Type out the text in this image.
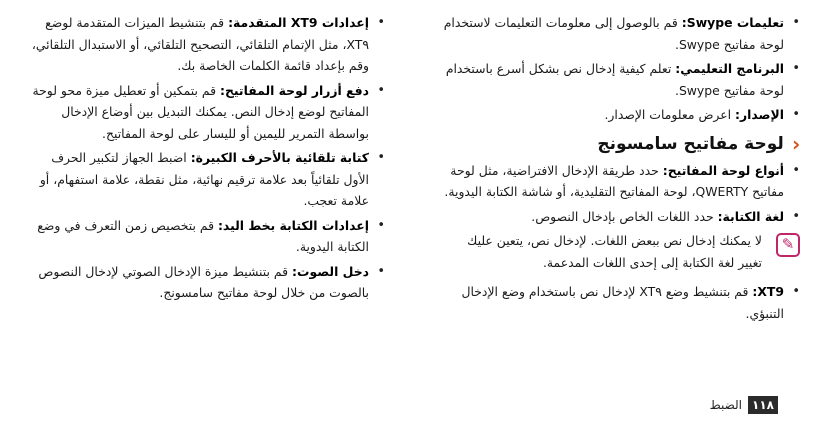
•
تعليمات Swype: قم بالوصول إلى معلومات التعليمات لاستخدام لوحة مفاتيح Swype.
•
البرنامج التعليمي: تعلم كيفية إدخال نص بشكل أسرع باستخدام لوحة مفاتيح Swype.
•
الإصدار: اعرض معلومات الإصدار.
›
لوحة مفاتيح سامسونج
•
أنواع لوحة المفاتيح: حدد طريقة الإدخال الافتراضية، مثل لوحة مفاتيح QWERTY، لوحة المفاتيح التقليدية، أو شاشة الكتابة اليدوية.
•
لغة الكتابة: حدد اللغات الخاص بإدخال النصوص.
✎
لا يمكنك إدخال نص ببعض اللغات. لإدخال نص، يتعين عليك تغيير لغة الكتابة إلى إحدى اللغات المدعمة.
•
XT9: قم بتنشيط وضع XT٩ لإدخال نص باستخدام وضع الإدخال التنبؤي.
•
إعدادات XT9 المتقدمة: قم بتنشيط الميزات المتقدمة لوضع XT٩، مثل الإتمام التلقائي، التصحيح التلقائي، أو الاستبدال التلقائي، وقم بإعداد قائمة الكلمات الخاصة بك.
•
دفع أزرار لوحة المفاتيح: قم بتمكين أو تعطيل ميزة محو لوحة المفاتيح لوضع إدخال النص. يمكنك التبديل بين أوضاع الإدخال بواسطة التمرير لليمين أو لليسار على لوحة المفاتيح.
•
كتابة تلقائية بالأحرف الكبيرة: اضبط الجهاز لتكبير الحرف الأول تلقائياً بعد علامة ترقيم نهائية، مثل نقطة، علامة استفهام، أو علامة تعجب.
•
إعدادات الكتابة بخط اليد: قم بتخصيص زمن التعرف في وضع الكتابة اليدوية.
•
دخل الصوت: قم بتنشيط ميزة الإدخال الصوتي لإدخال النصوص بالصوت من خلال لوحة مفاتيح سامسونج.
١١٨
الضبط
